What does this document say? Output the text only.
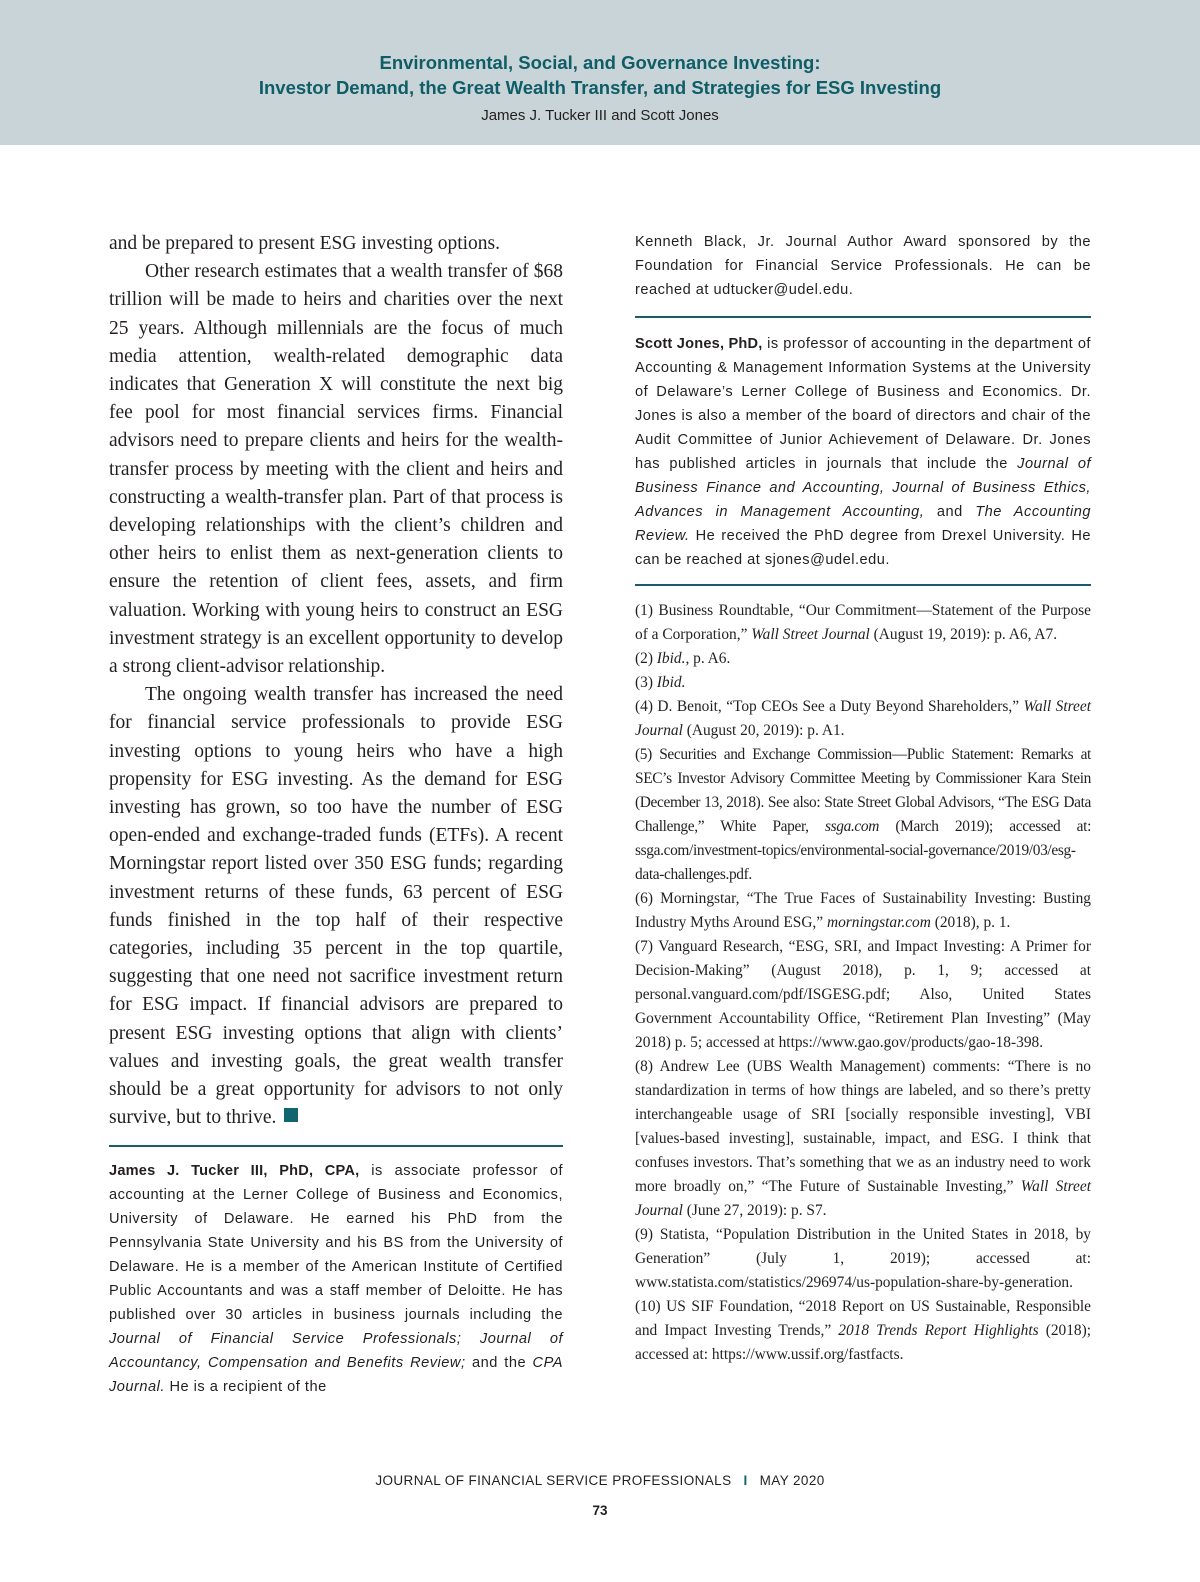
Environmental, Social, and Governance Investing:
Investor Demand, the Great Wealth Transfer, and Strategies for ESG Investing
James J. Tucker III and Scott Jones

and be prepared to present ESG investing options.

Other research estimates that a wealth transfer of $68 trillion will be made to heirs and charities over the next 25 years. Although millennials are the focus of much media attention, wealth-related demographic data indicates that Generation X will constitute the next big fee pool for most financial services firms. Financial advisors need to prepare clients and heirs for the wealth-transfer process by meeting with the client and heirs and constructing a wealth-transfer plan. Part of that process is developing relationships with the client’s children and other heirs to enlist them as next-generation clients to ensure the retention of client fees, assets, and firm valuation. Working with young heirs to construct an ESG investment strategy is an excellent opportunity to develop a strong client-advisor relationship.

The ongoing wealth transfer has increased the need for financial service professionals to provide ESG investing options to young heirs who have a high propensity for ESG investing. As the demand for ESG investing has grown, so too have the number of ESG open-ended and exchange-traded funds (ETFs). A recent Morningstar report listed over 350 ESG funds; regarding investment returns of these funds, 63 percent of ESG funds finished in the top half of their respective categories, including 35 percent in the top quartile, suggesting that one need not sacrifice investment return for ESG impact. If financial advisors are prepared to present ESG investing options that align with clients’ values and investing goals, the great wealth transfer should be a great opportunity for advisors to not only survive, but to thrive.

James J. Tucker III, PhD, CPA, is associate professor of accounting at the Lerner College of Business and Economics, University of Delaware. He earned his PhD from the Pennsylvania State University and his BS from the University of Delaware. He is a member of the American Institute of Certified Public Accountants and was a staff member of Deloitte. He has published over 30 articles in business journals including the Journal of Financial Service Professionals; Journal of Accountancy, Compensation and Benefits Review; and the CPA Journal. He is a recipient of the

Kenneth Black, Jr. Journal Author Award sponsored by the Foundation for Financial Service Professionals. He can be reached at udtucker@udel.edu.

Scott Jones, PhD, is professor of accounting in the department of Accounting & Management Information Systems at the University of Delaware’s Lerner College of Business and Economics. Dr. Jones is also a member of the board of directors and chair of the Audit Committee of Junior Achievement of Delaware. Dr. Jones has published articles in journals that include the Journal of Business Finance and Accounting, Journal of Business Ethics, Advances in Management Accounting, and The Accounting Review. He received the PhD degree from Drexel University. He can be reached at sjones@udel.edu.

(1) Business Roundtable, “Our Commitment—Statement of the Purpose of a Corporation,” Wall Street Journal (August 19, 2019): p. A6, A7.
(2) Ibid., p. A6.
(3) Ibid.
(4) D. Benoit, “Top CEOs See a Duty Beyond Shareholders,” Wall Street Journal (August 20, 2019): p. A1.
(5) Securities and Exchange Commission—Public Statement: Remarks at SEC’s Investor Advisory Committee Meeting by Commissioner Kara Stein (December 13, 2018). See also: State Street Global Advisors, “The ESG Data Challenge,” White Paper, ssga.com (March 2019); accessed at: ssga.com/investment-topics/environmental-social-governance/2019/03/esg-data-challenges.pdf.
(6) Morningstar, “The True Faces of Sustainability Investing: Busting Industry Myths Around ESG,” morningstar.com (2018), p. 1.
(7) Vanguard Research, “ESG, SRI, and Impact Investing: A Primer for Decision-Making” (August 2018), p. 1, 9; accessed at personal.vanguard.com/pdf/ISGESG.pdf; Also, United States Government Accountability Office, “Retirement Plan Investing” (May 2018) p. 5; accessed at https://www.gao.gov/products/gao-18-398.
(8) Andrew Lee (UBS Wealth Management) comments: “There is no standardization in terms of how things are labeled, and so there’s pretty interchangeable usage of SRI [socially responsible investing], VBI [values-based investing], sustainable, impact, and ESG. I think that confuses investors. That’s something that we as an industry need to work more broadly on,” “The Future of Sustainable Investing,” Wall Street Journal (June 27, 2019): p. S7.
(9) Statista, “Population Distribution in the United States in 2018, by Generation” (July 1, 2019); accessed at: www.statista.com/statistics/296974/us-population-share-by-generation.
(10) US SIF Foundation, “2018 Report on US Sustainable, Responsible and Impact Investing Trends,” 2018 Trends Report Highlights (2018); accessed at: https://www.ussif.org/fastfacts.
JOURNAL OF FINANCIAL SERVICE PROFESSIONALS I MAY 2020
73
